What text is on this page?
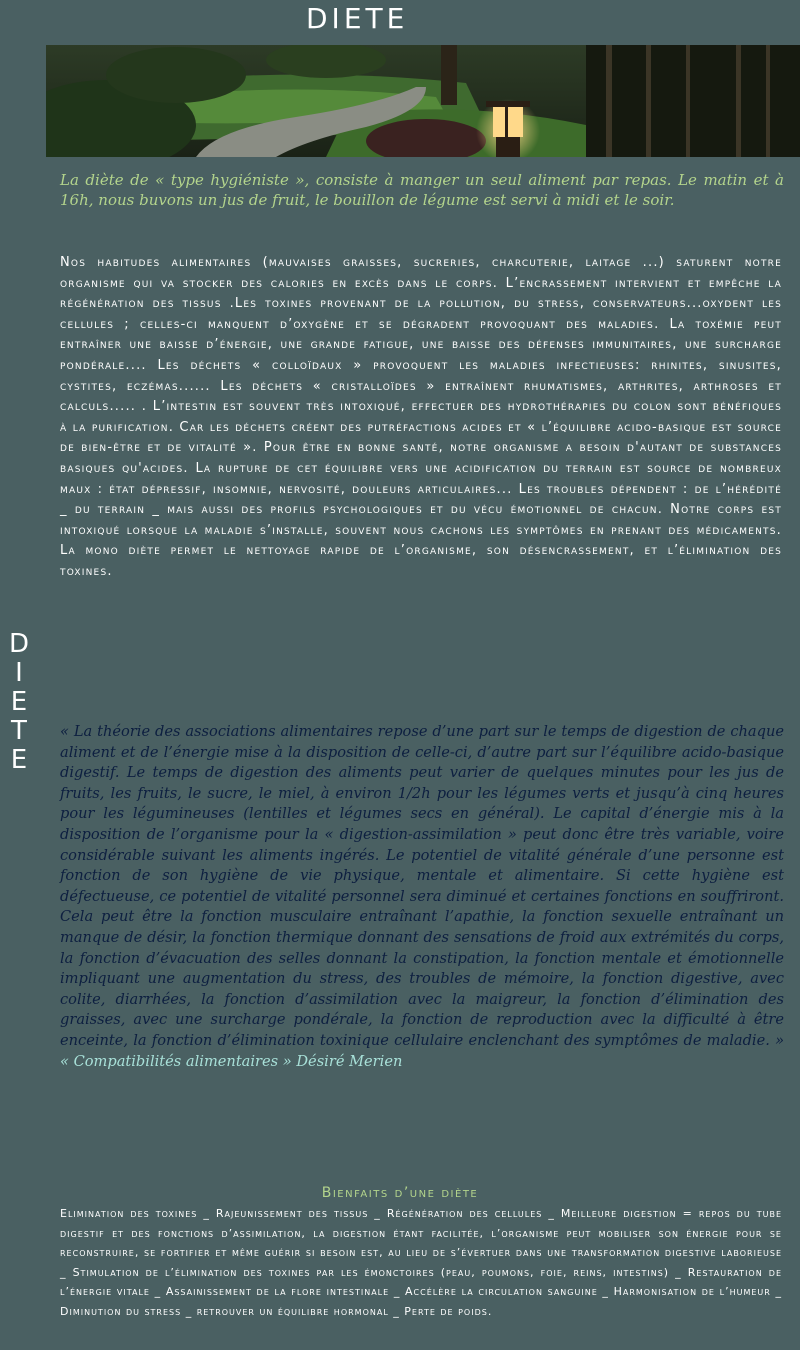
DIETE
D
I
E
T
E

La diète de « type hygiéniste », consiste à manger un seul aliment par repas. Le matin et à 16h, nous buvons un jus de fruit, le bouillon de légume est servi à midi et le soir.

Nos habitudes alimentaires (mauvaises graisses, sucreries, charcuterie, laitage ...) saturent notre organisme qui va stocker des calories en excès dans le corps. L’encrassement intervient et empêche la régénération des tissus .Les toxines provenant de la pollution, du stress, conservateurs...oxydent les cellules ; celles-ci manquent d’oxygène et se dégradent provoquant des maladies. La toxémie peut entraîner une baisse d’énergie, une grande fatigue, une baisse des défenses immunitaires, une surcharge pondérale.... Les déchets « colloïdaux » provoquent les maladies infectieuses: rhinites, sinusites, cystites, eczémas...... Les déchets « cristalloïdes » entraînent rhumatismes, arthrites, arthroses et calculs..... . L’intestin est souvent très intoxiqué, effectuer des hydrothérapies du colon sont bénéfiques à la purification. Car les déchets créent des putréfactions acides et « l’équilibre acido-basique est source de bien-être et de vitalité ». Pour être en bonne santé, notre organisme a besoin d'autant de substances basiques qu'acides. La rupture de cet équilibre vers une acidification du terrain est source de nombreux maux : état dépressif, insomnie, nervosité, douleurs articulaires... Les troubles dépendent : de l’hérédité _ du terrain _ mais aussi des profils psychologiques et du vécu émotionnel de chacun. Notre corps est intoxiqué lorsque la maladie s’installe, souvent nous cachons les symptômes en prenant des médicaments. La mono diète permet le nettoyage rapide de l’organisme, son désencrassement, et l’élimination des toxines.

« La théorie des associations alimentaires repose d’une part sur le temps de digestion de chaque aliment et de l’énergie mise à la disposition de celle-ci, d’autre part sur l’équilibre acido-basique digestif. Le temps de digestion des aliments peut varier de quelques minutes pour les jus de fruits, les fruits, le sucre, le miel, à environ 1/2h pour les légumes verts et jusqu’à cinq heures pour les légumineuses (lentilles et légumes secs en général). Le capital d’énergie mis à la disposition de l’organisme pour la « digestion-assimilation » peut donc être très variable, voire considérable suivant les aliments ingérés. Le potentiel de vitalité générale d’une personne est fonction de son hygiène de vie physique, mentale et alimentaire. Si cette hygiène est défectueuse, ce potentiel de vitalité personnel sera diminué et certaines fonctions en souffriront. Cela peut être la fonction musculaire entraînant l’apathie, la fonction sexuelle entraînant un manque de désir, la fonction thermique donnant des sensations de froid aux extrémités du corps, la fonction d’évacuation des selles donnant la constipation, la fonction mentale et émotionnelle impliquant une augmentation du stress, des troubles de mémoire, la fonction digestive, avec colite, diarrhées, la fonction d’assimilation avec la maigreur, la fonction d’élimination des graisses, avec une surcharge pondérale, la fonction de reproduction avec la difficulté à être enceinte, la fonction d’élimination toxinique cellulaire enclenchant des symptômes de maladie. » « Compatibilités alimentaires » Désiré Merien

Bienfaits d’une diète

Elimination des toxines _ Rajeunissement des tissus _ Régénération des cellules _ Meilleure digestion = repos du tube digestif et des fonctions d’assimilation, la digestion étant facilitée, l’organisme peut mobiliser son énergie pour se reconstruire, se fortifier et même guérir si besoin est, au lieu de s’évertuer dans une transformation digestive laborieuse _ Stimulation de l’élimination des toxines par les émonctoires (peau, poumons, foie, reins, intestins) _ Restauration de l’énergie vitale _ Assainissement de la flore intestinale _ Accélère la circulation sanguine _ Harmonisation de l’humeur _ Diminution du stress _ retrouver un équilibre hormonal _ Perte de poids.
